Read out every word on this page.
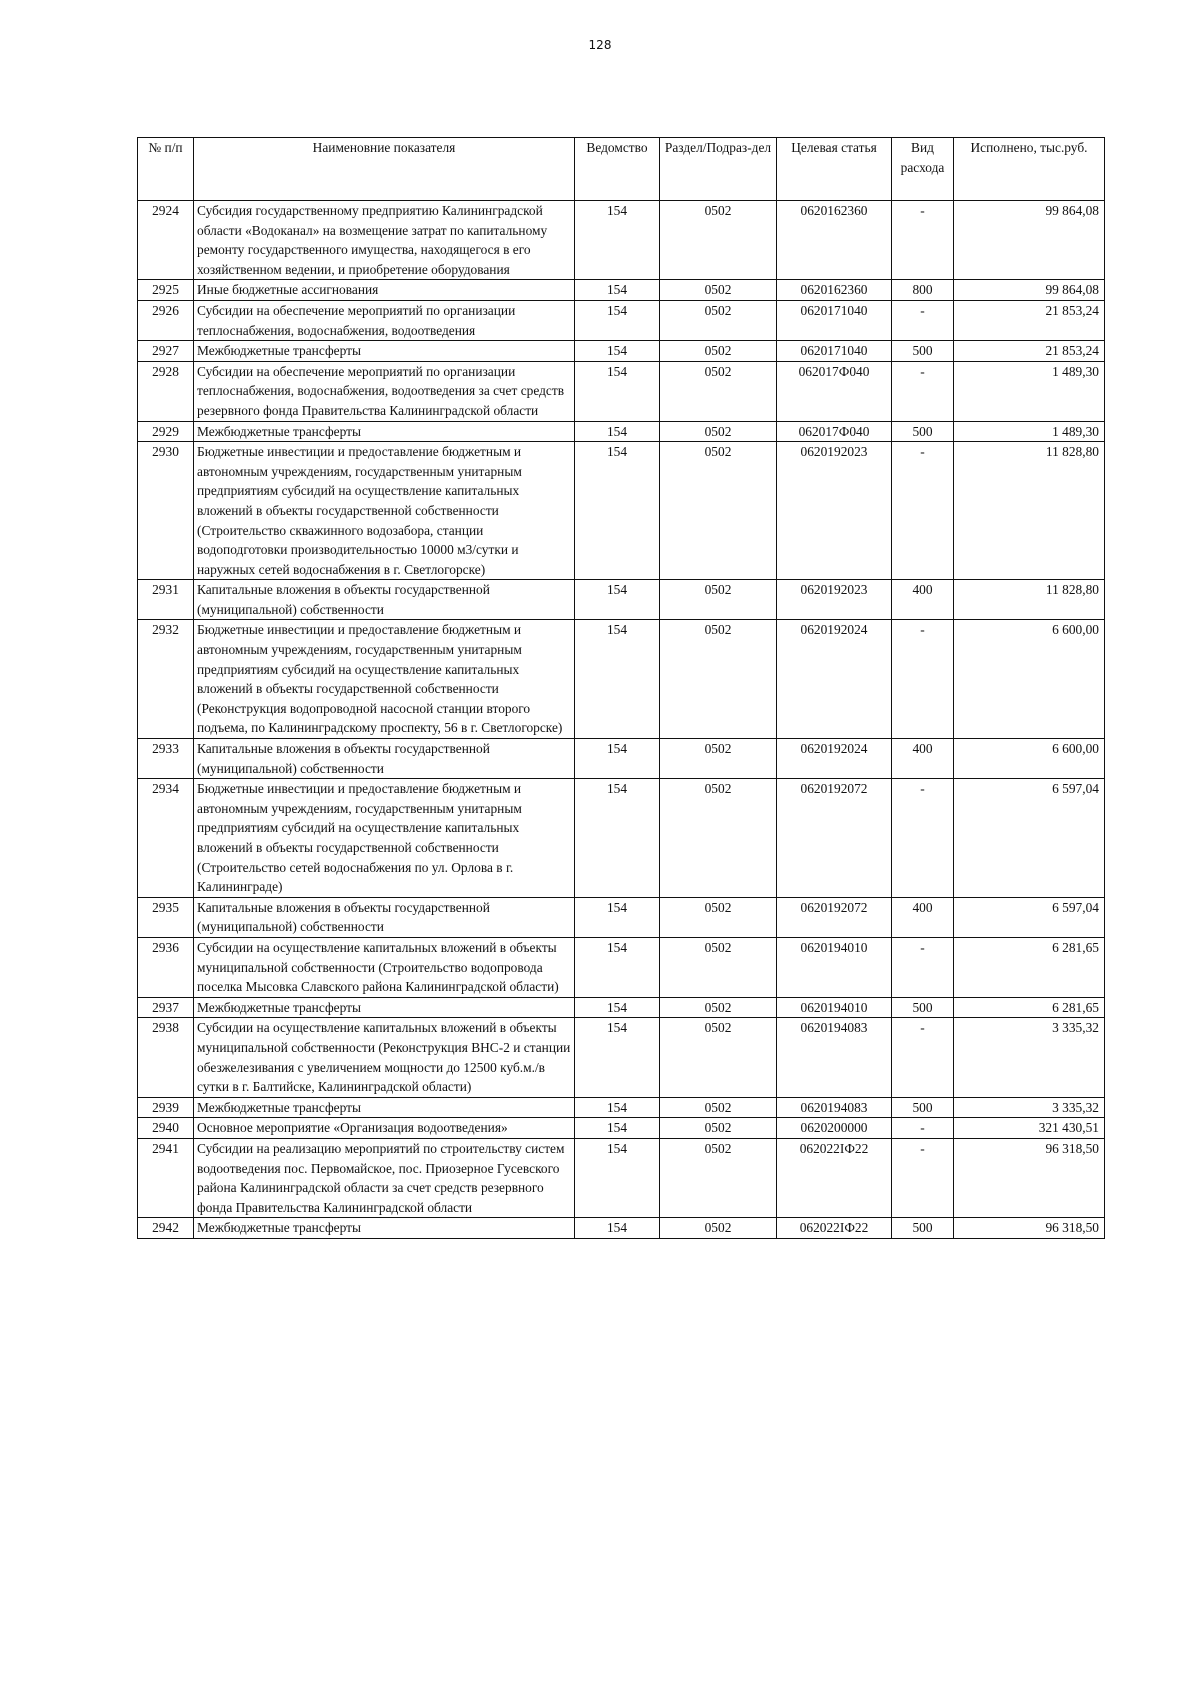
128
№ п/п	Наименовние показателя	Ведомство	Раздел/Подраз-дел	Целевая статья	Вид расхода	Исполнено, тыс.руб.
2924	Субсидия государственному предприятию Калининградской области «Водоканал» на возмещение затрат по капитальному ремонту государственного имущества, находящегося в его хозяйственном ведении, и приобретение оборудования	154	0502	0620162360	-	99 864,08
2925	Иные бюджетные ассигнования	154	0502	0620162360	800	99 864,08
2926	Субсидии на обеспечение мероприятий по организации теплоснабжения, водоснабжения, водоотведения	154	0502	0620171040	-	21 853,24
2927	Межбюджетные трансферты	154	0502	0620171040	500	21 853,24
2928	Субсидии на обеспечение мероприятий по организации теплоснабжения, водоснабжения, водоотведения за счет средств резервного фонда Правительства Калининградской области	154	0502	062017Ф040	-	1 489,30
2929	Межбюджетные трансферты	154	0502	062017Ф040	500	1 489,30
2930	Бюджетные инвестиции и предоставление бюджетным и автономным учреждениям, государственным унитарным предприятиям субсидий на осуществление капитальных вложений в объекты государственной собственности (Строительство скважинного водозабора, станции водоподготовки производительностью 10000 м3/сутки и наружных сетей водоснабжения в г. Светлогорске)	154	0502	0620192023	-	11 828,80
2931	Капитальные вложения в объекты государственной (муниципальной) собственности	154	0502	0620192023	400	11 828,80
2932	Бюджетные инвестиции и предоставление бюджетным и автономным учреждениям, государственным унитарным предприятиям субсидий на осуществление капитальных вложений в объекты государственной собственности (Реконструкция водопроводной насосной станции второго подъема, по Калининградскому проспекту, 56 в г. Светлогорске)	154	0502	0620192024	-	6 600,00
2933	Капитальные вложения в объекты государственной (муниципальной) собственности	154	0502	0620192024	400	6 600,00
2934	Бюджетные инвестиции и предоставление бюджетным и автономным учреждениям, государственным унитарным предприятиям субсидий на осуществление капитальных вложений в объекты государственной собственности (Строительство сетей водоснабжения по ул. Орлова в г. Калининграде)	154	0502	0620192072	-	6 597,04
2935	Капитальные вложения в объекты государственной (муниципальной) собственности	154	0502	0620192072	400	6 597,04
2936	Субсидии на осуществление капитальных вложений в объекты муниципальной собственности (Строительство водопровода поселка Мысовка Славского района Калининградской области)	154	0502	0620194010	-	6 281,65
2937	Межбюджетные трансферты	154	0502	0620194010	500	6 281,65
2938	Субсидии на осуществление капитальных вложений в объекты муниципальной собственности (Реконструкция ВНС-2 и станции обезжелезивания с увеличением мощности до 12500 куб.м./в сутки в г. Балтийске, Калининградской области)	154	0502	0620194083	-	3 335,32
2939	Межбюджетные трансферты	154	0502	0620194083	500	3 335,32
2940	Основное мероприятие «Организация водоотведения»	154	0502	0620200000	-	321 430,51
2941	Субсидии на реализацию мероприятий по строительству систем водоотведения пос. Первомайское, пос. Приозерное Гусевского района Калининградской области за счет средств резервного фонда Правительства Калининградской области	154	0502	062022ӀФ22	-	96 318,50
2942	Межбюджетные трансферты	154	0502	062022ӀФ22	500	96 318,50
